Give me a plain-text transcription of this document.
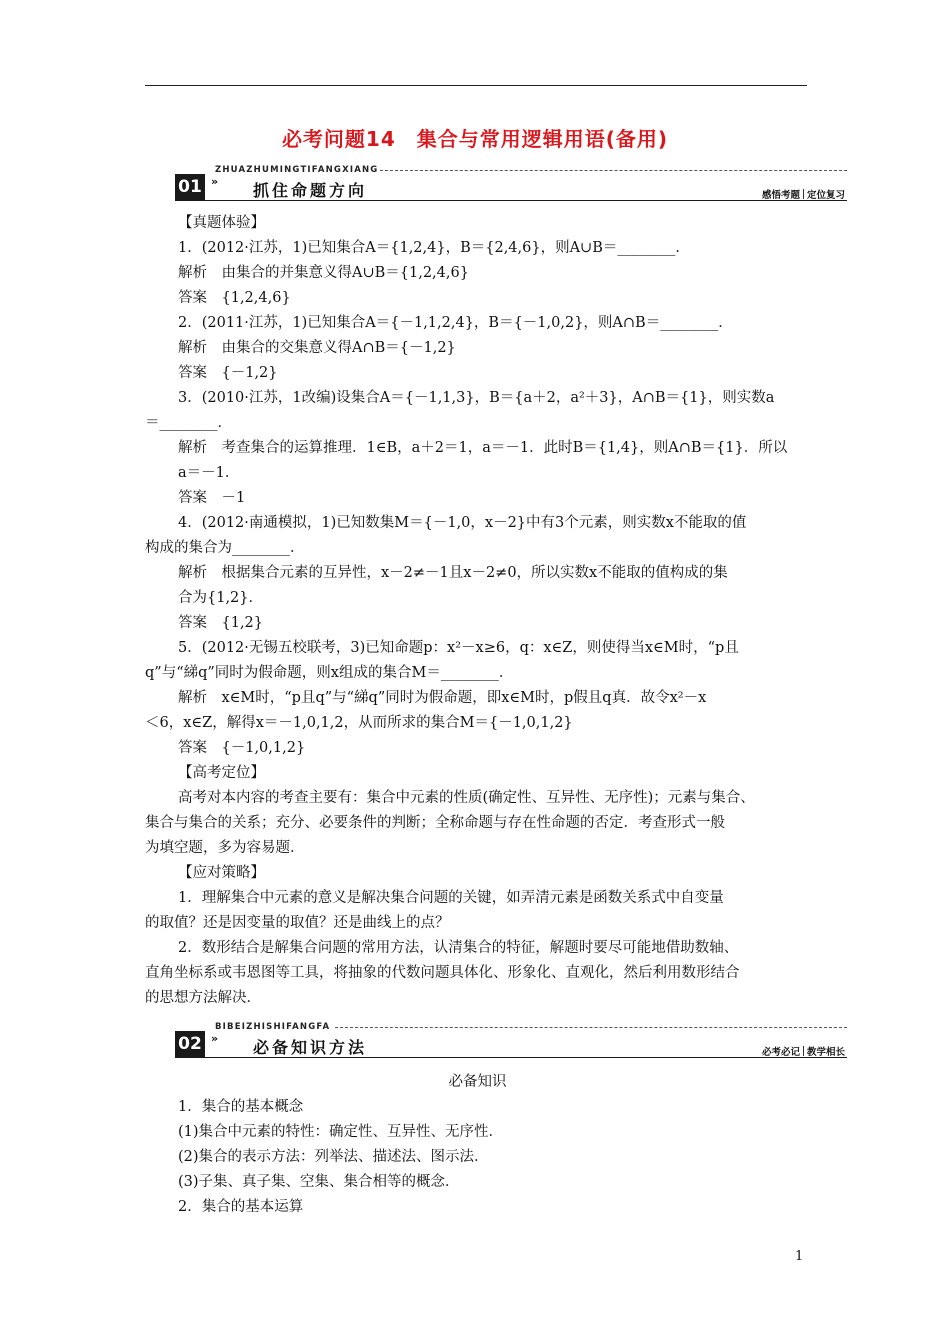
必考问题14　集合与常用逻辑用语(备用)
ZHUAZHUMINGTIFANGXIANG
01 » 抓住命题方向	感悟考题 定位复习

【真题体验】

1．(2012·江苏，1)已知集合A＝{1,2,4}，B＝{2,4,6}，则A∪B＝________．

解析　由集合的并集意义得A∪B＝{1,2,4,6}

答案　{1,2,4,6}

2．(2011·江苏，1)已知集合A＝{－1,1,2,4}，B＝{－1,0,2}，则A∩B＝________．

解析　由集合的交集意义得A∩B＝{－1,2}

答案　{－1,2}

3．(2010·江苏，1改编)设集合A＝{－1,1,3}，B＝{a＋2，a²＋3}，A∩B＝{1}，则实数a

＝________．

解析　考查集合的运算推理．1∈B，a＋2＝1，a＝－1．此时B＝{1,4}，则A∩B＝{1}．所以

a＝－1．

答案　－1

4．(2012·南通模拟，1)已知数集M＝{－1,0，x－2}中有3个元素，则实数x不能取的值

构成的集合为________．

解析　根据集合元素的互异性，x－2≠－1且x－2≠0，所以实数x不能取的值构成的集

合为{1,2}．

答案　{1,2}

5．(2012·无锡五校联考，3)已知命题p：x²－x≥6，q：x∈Z，则使得当x∈M时，“p且

q”与“綈q”同时为假命题，则x组成的集合M＝________．

解析　x∈M时，“p且q”与“綈q”同时为假命题，即x∈M时，p假且q真．故令x²－x

＜6，x∈Z，解得x＝－1,0,1,2，从而所求的集合M＝{－1,0,1,2}

答案　{－1,0,1,2}

【高考定位】

高考对本内容的考查主要有：集合中元素的性质(确定性、互异性、无序性)；元素与集合、

集合与集合的关系；充分、必要条件的判断；全称命题与存在性命题的否定．考查形式一般

为填空题，多为容易题．

【应对策略】

1．理解集合中元素的意义是解决集合问题的关键，如弄清元素是函数关系式中自变量

的取值？还是因变量的取值？还是曲线上的点？

2．数形结合是解集合问题的常用方法，认清集合的特征，解题时要尽可能地借助数轴、

直角坐标系或韦恩图等工具，将抽象的代数问题具体化、形象化、直观化，然后利用数形结合

的思想方法解决．

BIBEIZHISHIFANGFA
02 » 必备知识方法	必考必记 教学相长

必备知识

1．集合的基本概念

(1)集合中元素的特性：确定性、互异性、无序性．

(2)集合的表示方法：列举法、描述法、图示法．

(3)子集、真子集、空集、集合相等的概念．

2．集合的基本运算

1
